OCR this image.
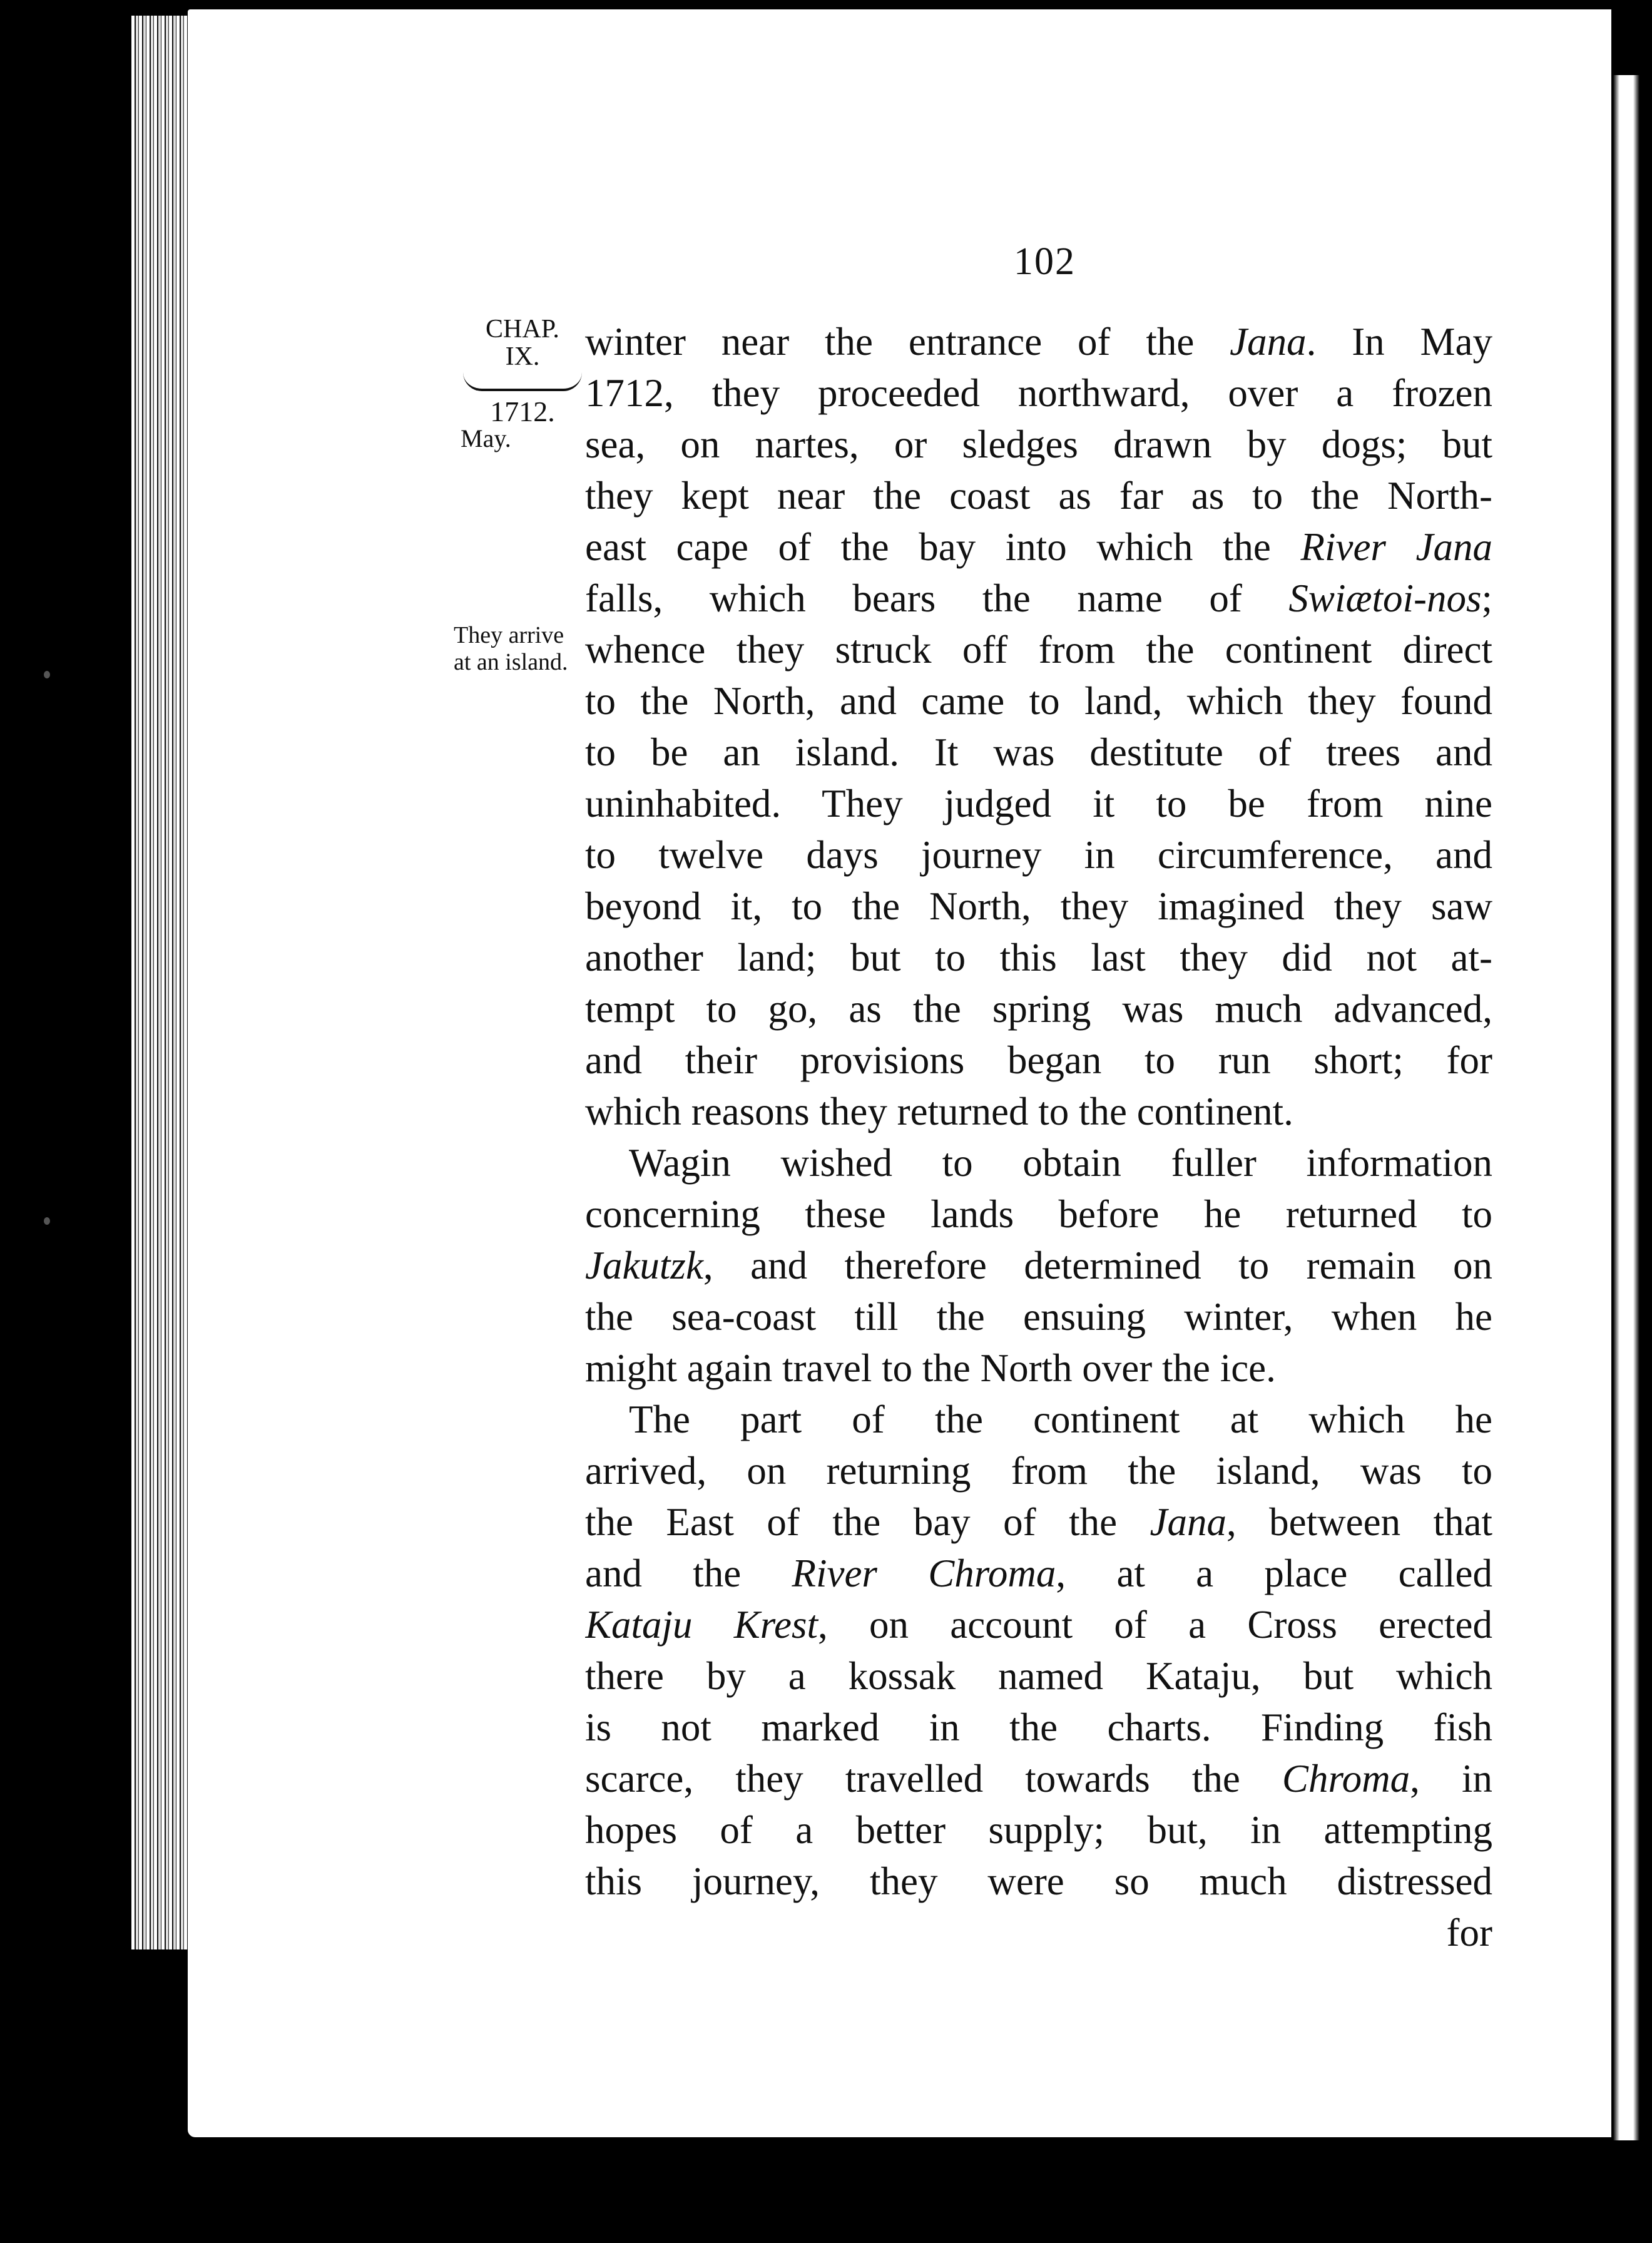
102
CHAP.
IX.
1712.
May.
They arrive
at an island.
winter near the entrance of the Jana. In May
1712, they proceeded northward, over a frozen
sea, on nartes, or sledges drawn by dogs; but
they kept near the coast as far as to the North-
east cape of the bay into which the River Jana
falls, which bears the name of Swiætoi-nos;
whence they struck off from the continent direct
to the North, and came to land, which they found
to be an island. It was destitute of trees and
uninhabited. They judged it to be from nine
to twelve days journey in circumference, and
beyond it, to the North, they imagined they saw
another land; but to this last they did not at-
tempt to go, as the spring was much advanced,
and their provisions began to run short; for
which reasons they returned to the continent.
Wagin wished to obtain fuller information
concerning these lands before he returned to
Jakutzk, and therefore determined to remain on
the sea-coast till the ensuing winter, when he
might again travel to the North over the ice.
The part of the continent at which he
arrived, on returning from the island, was to
the East of the bay of the Jana, between that
and the River Chroma, at a place called
Kataju Krest, on account of a Cross erected
there by a kossak named Kataju, but which
is not marked in the charts. Finding fish
scarce, they travelled towards the Chroma, in
hopes of a better supply; but, in attempting
this journey, they were so much distressed
for
